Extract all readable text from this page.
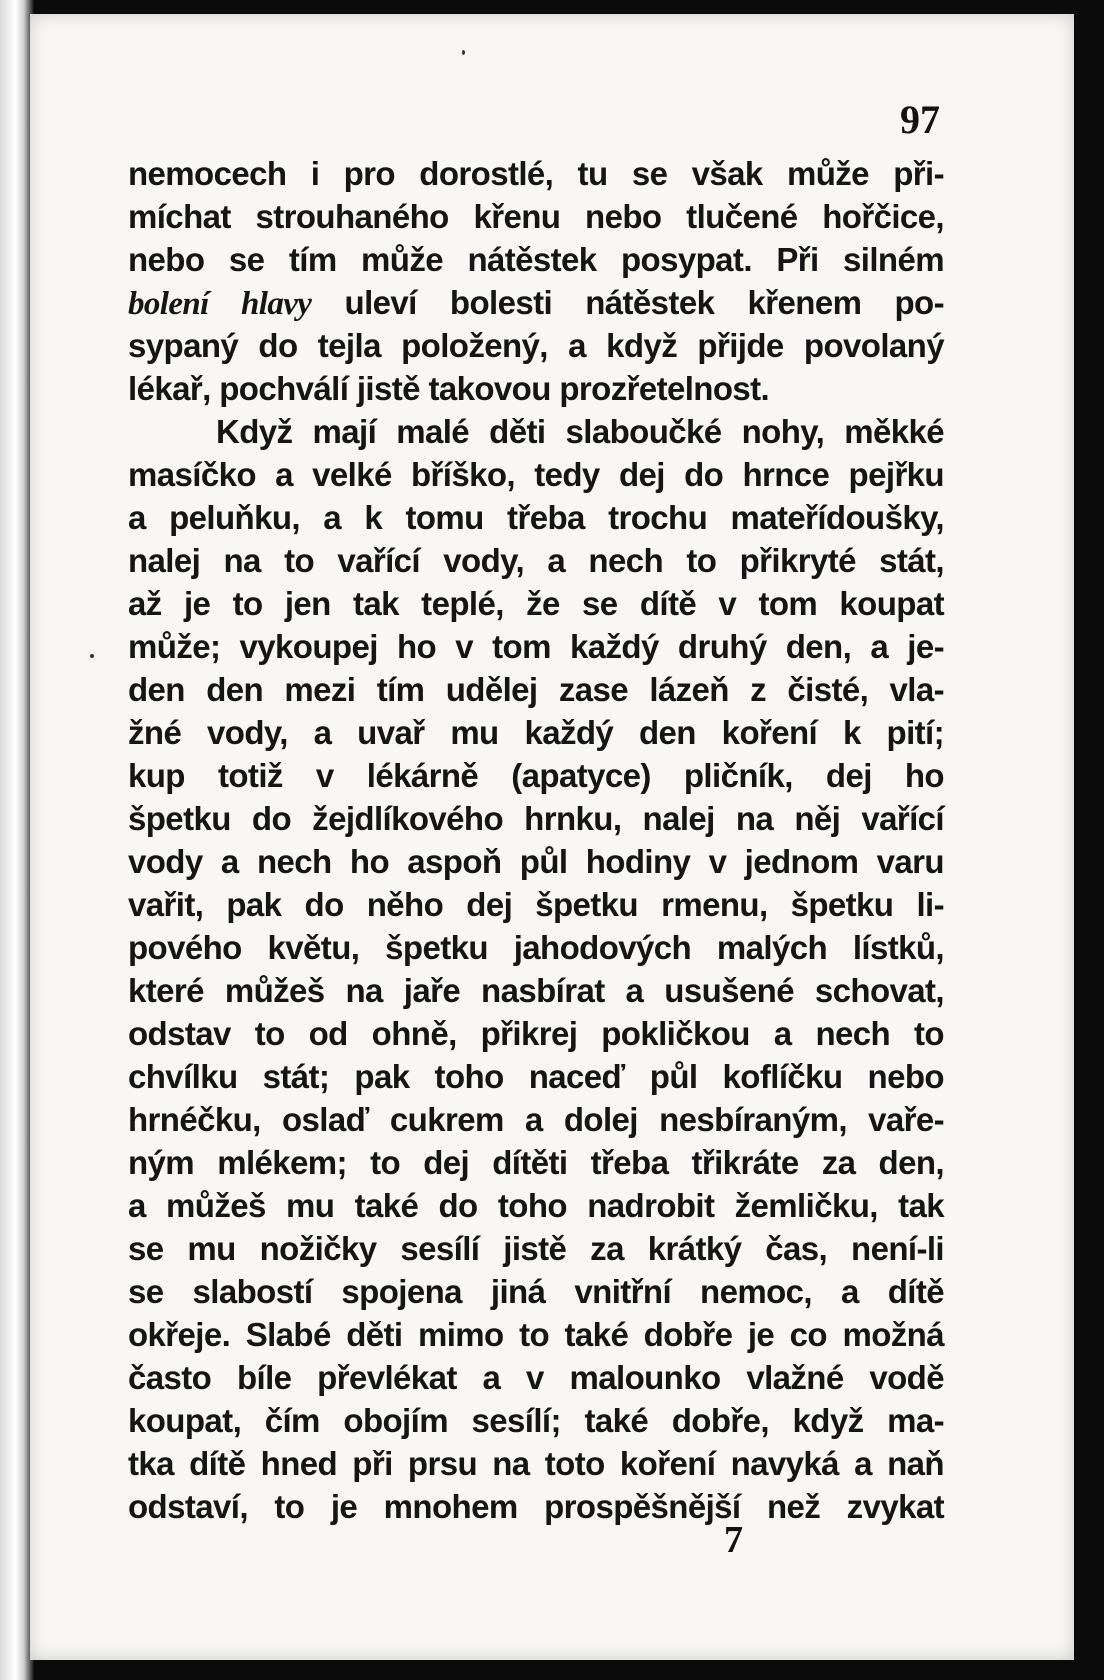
97

nemocech i pro dorostlé, tu se však může při-
míchat strouhaného křenu nebo tlučené hořčice,
nebo se tím může nátěstek posypat. Při silném
bolení hlavy uleví bolesti nátěstek křenem po-
sypaný do tejla položený, a když přijde povolaný
lékař, pochválí jistě takovou prozřetelnost.
Když mají malé děti slaboučké nohy, měkké
masíčko a velké bříško, tedy dej do hrnce pejřku
a peluňku, a k tomu třeba trochu mateřídoušky,
nalej na to vařící vody, a nech to přikryté stát,
až je to jen tak teplé, že se dítě v tom koupat
může; vykoupej ho v tom každý druhý den, a je-
den den mezi tím udělej zase lázeň z čisté, vla-
žné vody, a uvař mu každý den koření k pití;
kup totiž v lékárně (apatyce) pličník, dej ho
špetku do žejdlíkového hrnku, nalej na něj vařící
vody a nech ho aspoň půl hodiny v jednom varu
vařit, pak do něho dej špetku rmenu, špetku li-
pového květu, špetku jahodových malých lístků,
které můžeš na jaře nasbírat a usušené schovat,
odstav to od ohně, přikrej pokličkou a nech to
chvílku stát; pak toho naceď půl koflíčku nebo
hrnéčku, oslaď cukrem a dolej nesbíraným, vaře-
ným mlékem; to dej dítěti třeba třikráte za den,
a můžeš mu také do toho nadrobit žemličku, tak
se mu nožičky sesílí jistě za krátký čas, není-li
se slabostí spojena jiná vnitřní nemoc, a dítě
okřeje. Slabé děti mimo to také dobře je co možná
často bíle převlékat a v malounko vlažné vodě
koupat, čím obojím sesílí; také dobře, když ma-
tka dítě hned při prsu na toto koření navyká a naň
odstaví, to je mnohem prospěšnější než zvykat

7
